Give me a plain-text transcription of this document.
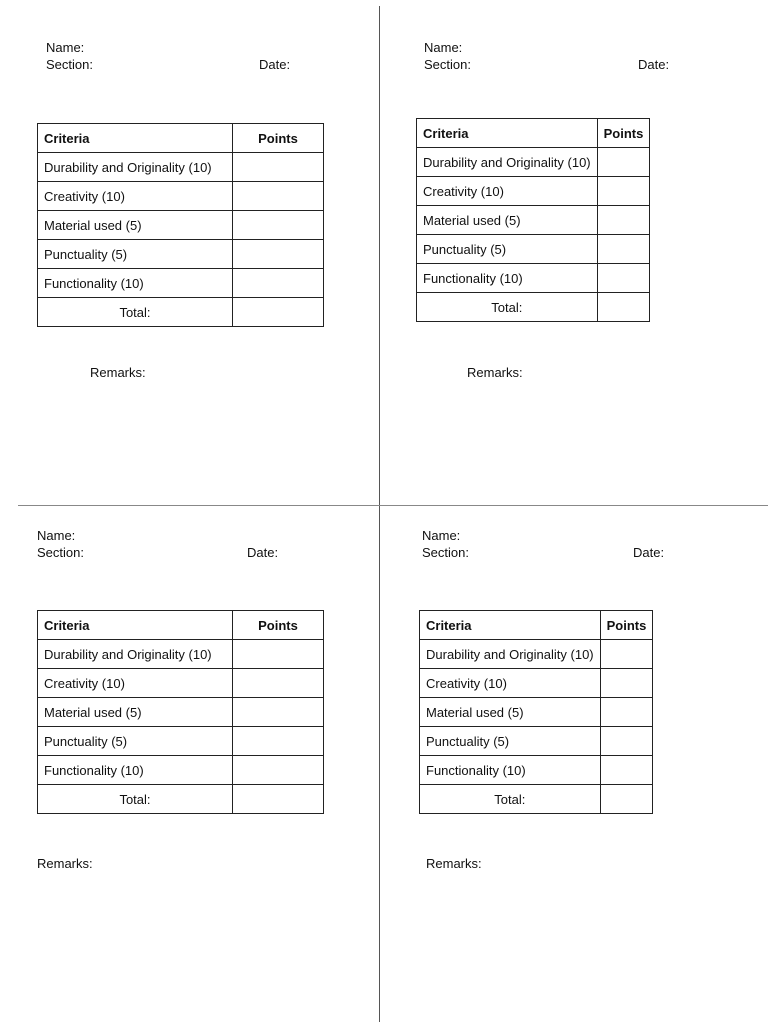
Name:
Section:	Date:
Criteria	Points
Durability and Originality (10)	
Creativity (10)	
Material used (5)	
Punctuality (5)	
Functionality (10)	
Total:	
Remarks:
Name:
Section:	Date:
Criteria	Points
Durability and Originality (10)	
Creativity (10)	
Material used (5)	
Punctuality (5)	
Functionality (10)	
Total:	
Remarks:
Name:
Section:	Date:
Criteria	Points
Durability and Originality (10)	
Creativity (10)	
Material used (5)	
Punctuality (5)	
Functionality (10)	
Total:	
Remarks:
Name:
Section:	Date:
Criteria	Points
Durability and Originality (10)	
Creativity (10)	
Material used (5)	
Punctuality (5)	
Functionality (10)	
Total:	
Remarks:
